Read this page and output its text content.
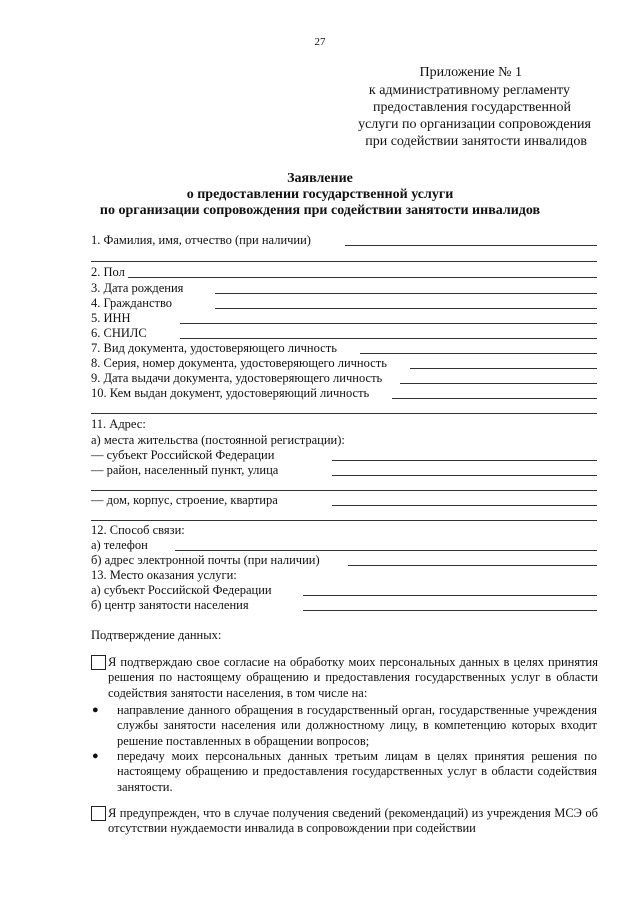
27
Приложение № 1
к административному регламенту
предоставления государственной
услуги по организации сопровождения
при содействии занятости инвалидов
Заявление
о предоставлении государственной услуги
по организации сопровождения при содействии занятости инвалидов
1. Фамилия, имя, отчество (при наличии)
2. Пол
3. Дата рождения
4. Гражданство
5. ИНН
6. СНИЛС
7. Вид документа, удостоверяющего личность
8. Серия, номер документа, удостоверяющего личность
9. Дата выдачи документа, удостоверяющего личность
10. Кем выдан документ, удостоверяющий личность
11. Адрес:
а) места жительства (постоянной регистрации):
— субъект Российской Федерации
— район, населенный пункт, улица
— дом, корпус, строение, квартира
12. Способ связи:
а) телефон
б) адрес электронной почты (при наличии)
13. Место оказания услуги:
а) субъект Российской Федерации
б) центр занятости населения
Подтверждение данных:
Я подтверждаю свое согласие на обработку моих персональных данных в целях принятия решения по настоящему обращению и предоставления государственных услуг в области содействия занятости населения, в том числе на:
● направление данного обращения в государственный орган, государственные учреждения службы занятости населения или должностному лицу, в компетенцию которых входит решение поставленных в обращении вопросов;
● передачу моих персональных данных третьим лицам в целях принятия решения по настоящему обращению и предоставления государственных услуг в области содействия занятости.
Я предупрежден, что в случае получения сведений (рекомендаций) из учреждения МСЭ об отсутствии нуждаемости инвалида в сопровождении при содействии
